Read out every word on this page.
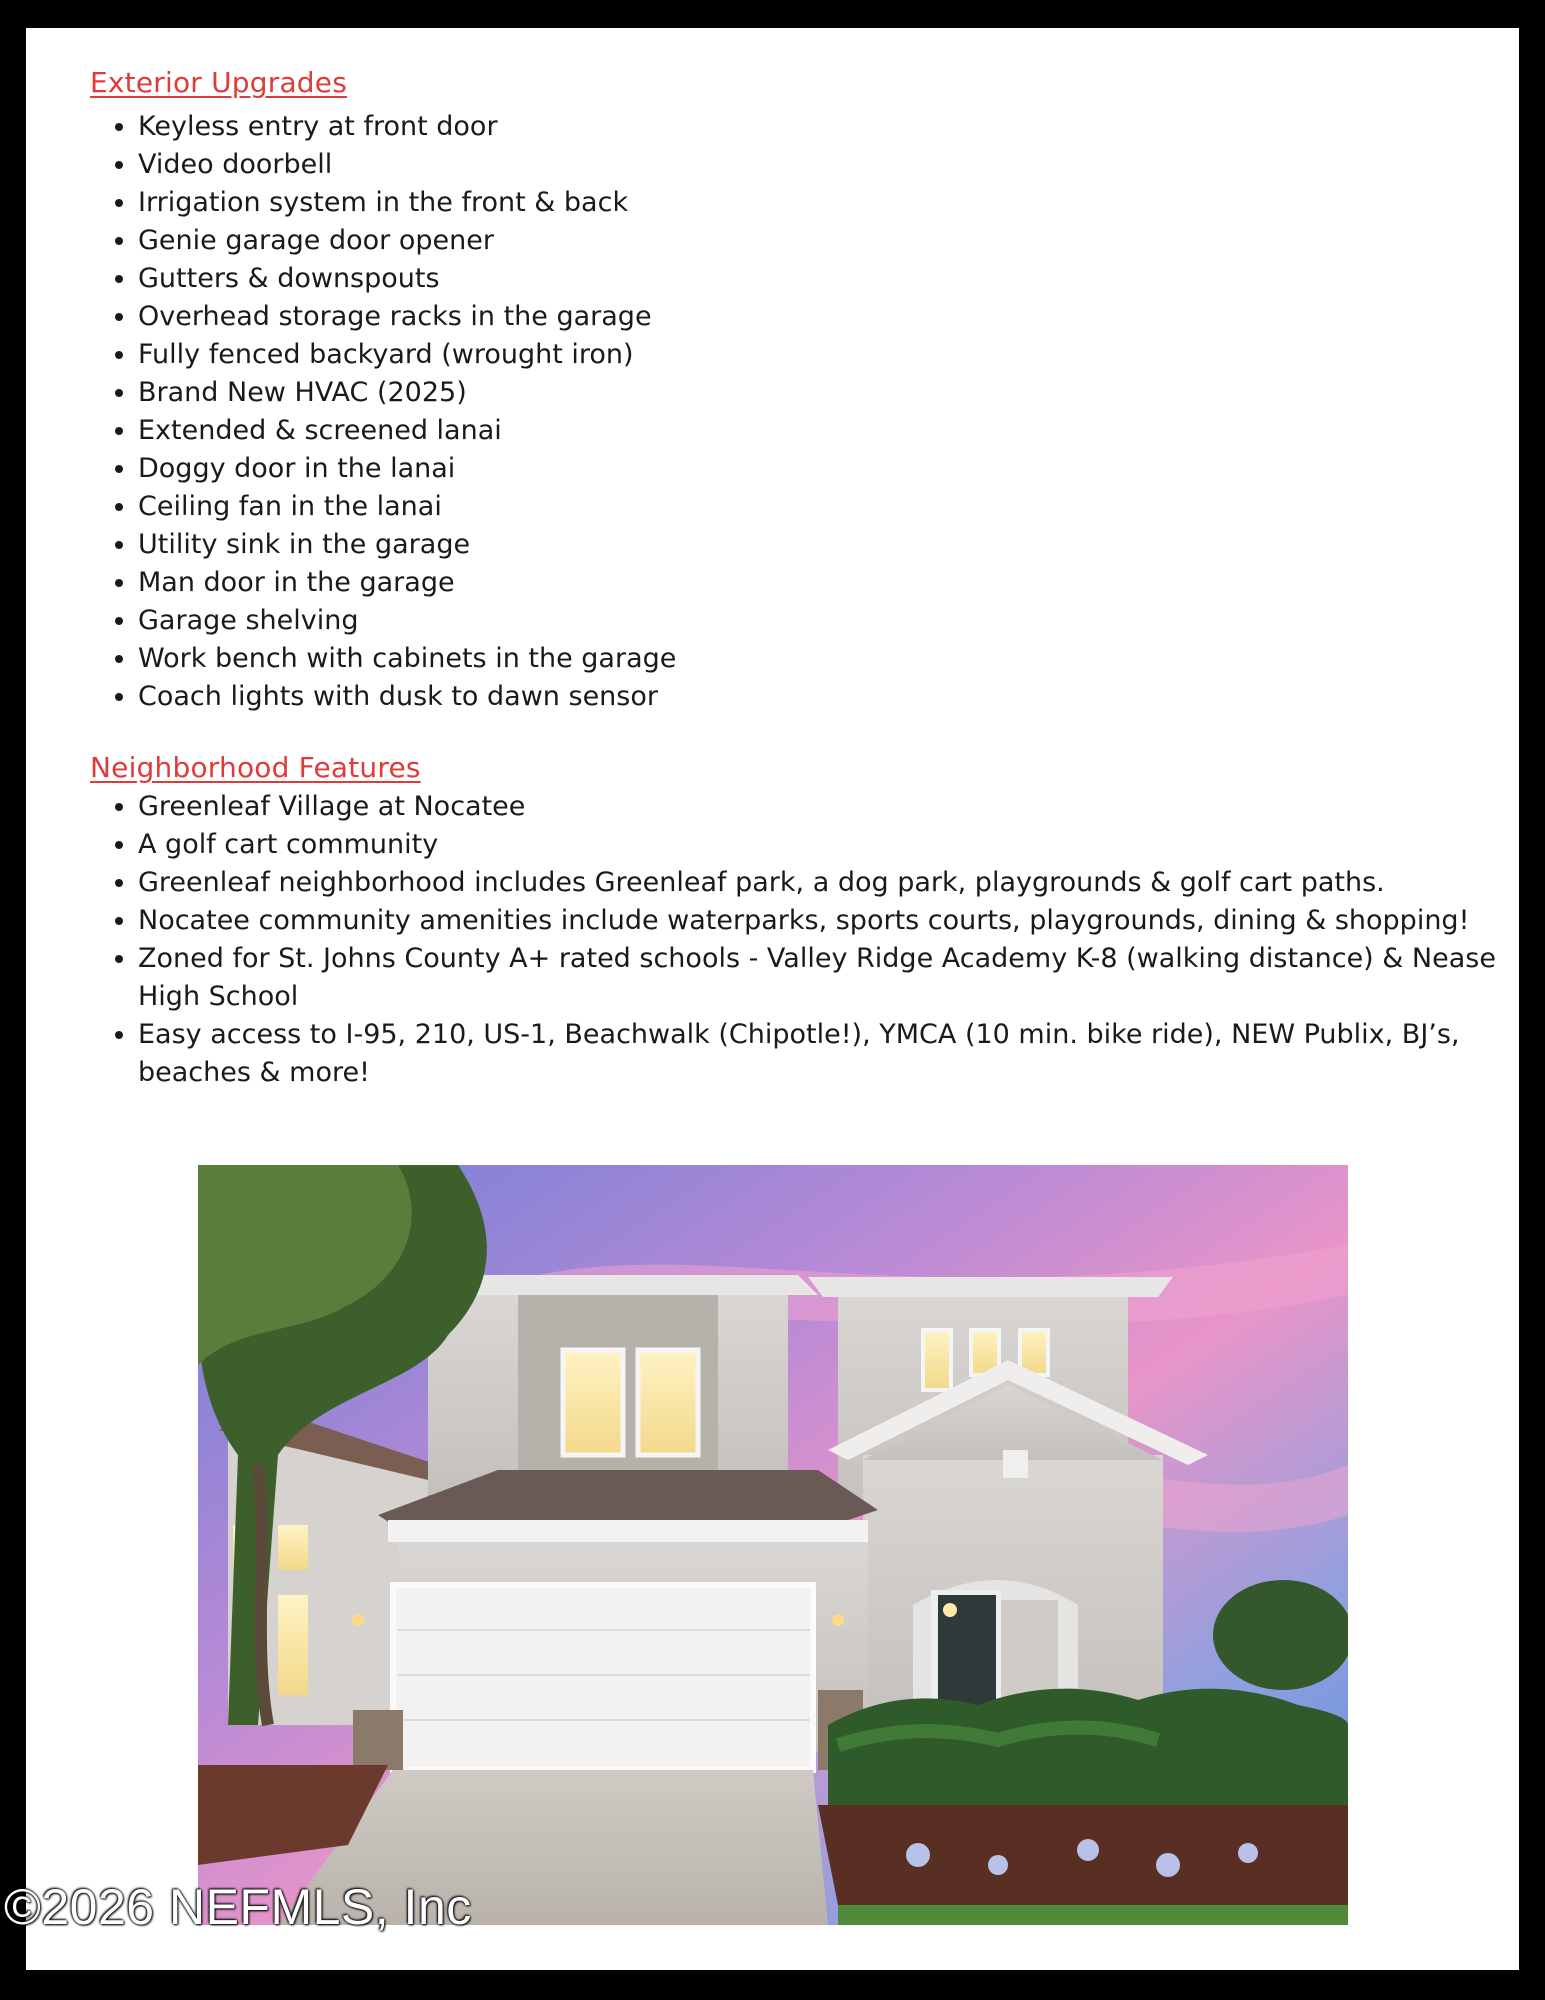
Exterior Upgrades
• Keyless entry at front door
• Video doorbell
• Irrigation system in the front & back
• Genie garage door opener
• Gutters & downspouts
• Overhead storage racks in the garage
• Fully fenced backyard (wrought iron)
• Brand New HVAC (2025)
• Extended & screened lanai
• Doggy door in the lanai
• Ceiling fan in the lanai
• Utility sink in the garage
• Man door in the garage
• Garage shelving
• Work bench with cabinets in the garage
• Coach lights with dusk to dawn sensor
Neighborhood Features
• Greenleaf Village at Nocatee
• A golf cart community
• Greenleaf neighborhood includes Greenleaf park, a dog park, playgrounds & golf cart paths.
• Nocatee community amenities include waterparks, sports courts, playgrounds, dining & shopping!
• Zoned for St. Johns County A+ rated schools - Valley Ridge Academy K-8 (walking distance) & Nease High School
• Easy access to I-95, 210, US-1, Beachwalk (Chipotle!), YMCA (10 min. bike ride), NEW Publix, BJ’s, beaches & more!
©2026 NEFMLS, Inc
